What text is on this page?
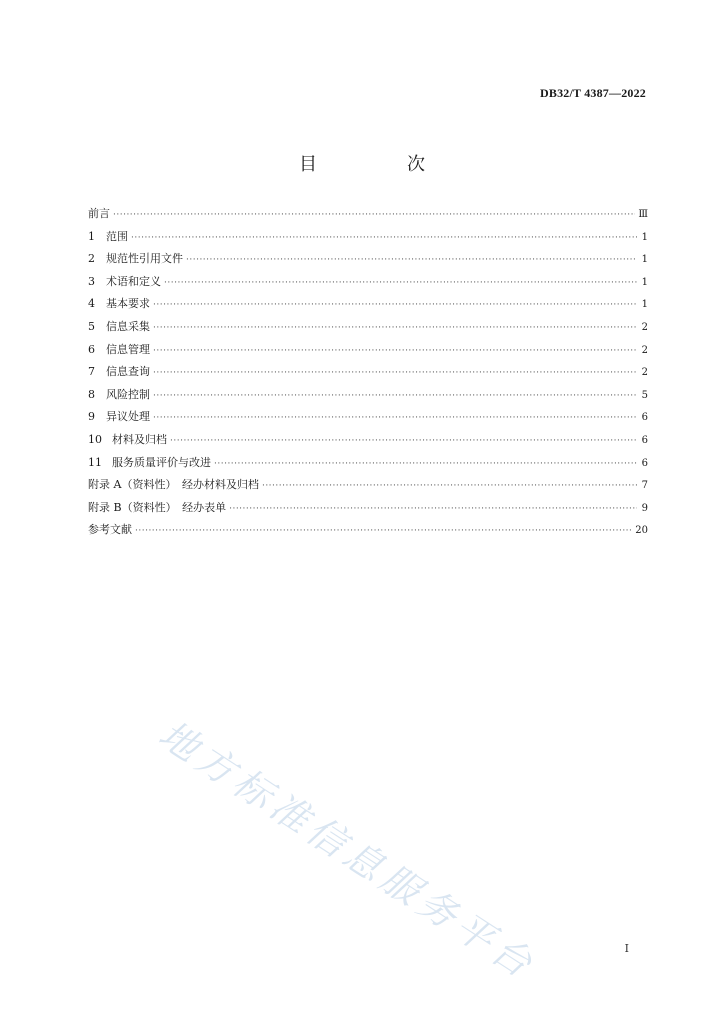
DB32/T 4387—2022
目　次
前言 ·····	Ⅲ
1	范围 ·····	1
2	规范性引用文件 ·····	1
3	术语和定义 ·····	1
4	基本要求 ·····	1
5	信息采集 ·····	2
6	信息管理 ·····	2
7	信息查询 ·····	2
8	风险控制 ·····	5
9	异议处理 ·····	6
10 材料及归档 ·····	6
11 服务质量评价与改进 ·····	6
附录 A（资料性）　经办材料及归档 ·····	7
附录 B（资料性）　经办表单 ·····	9
参考文献 ·····	20
地方标准信息服务平台	I
